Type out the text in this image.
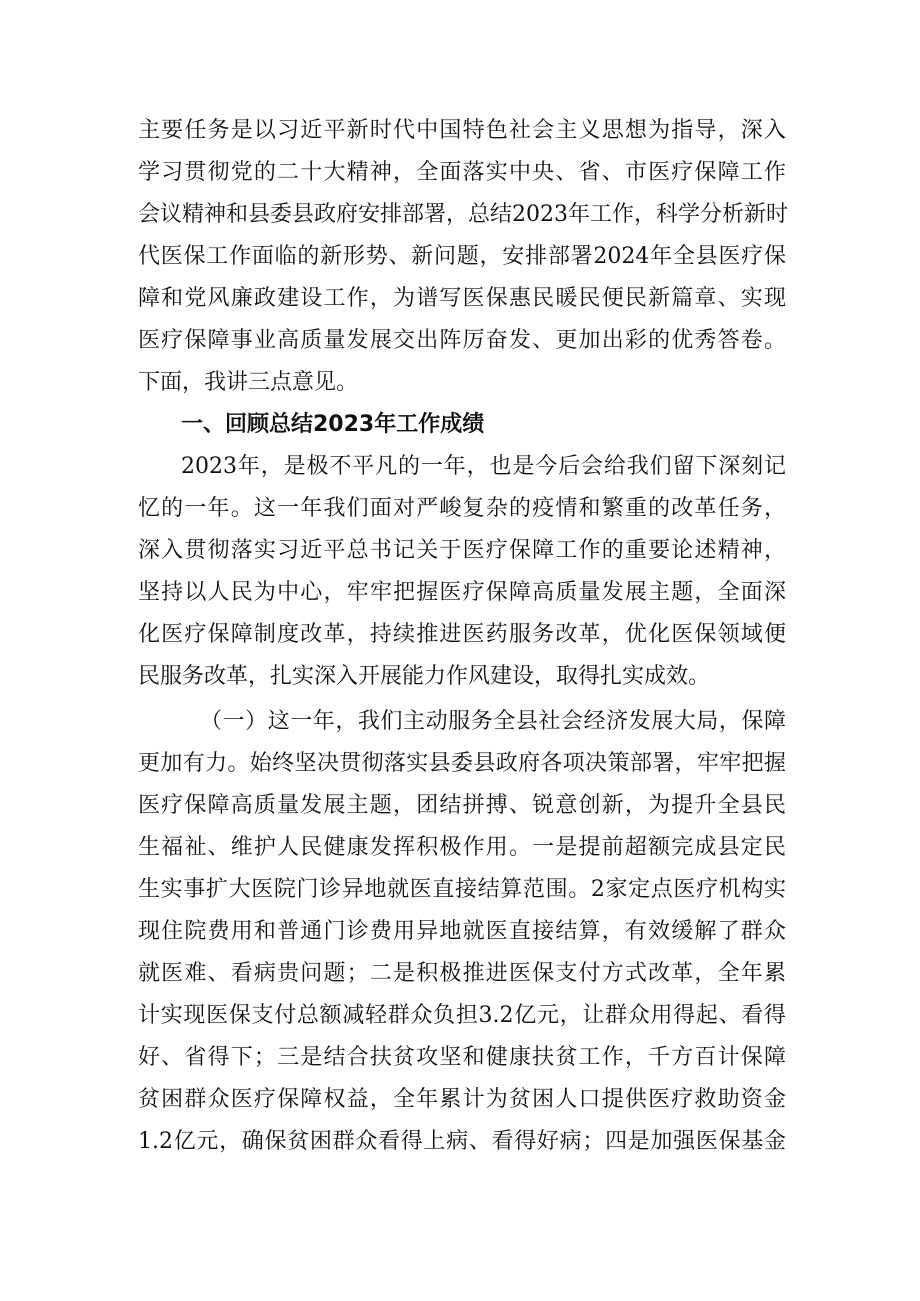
主要任务是以习近平新时代中国特色社会主义思想为指导，深入

学习贯彻党的二十大精神，全面落实中央、省、市医疗保障工作

会议精神和县委县政府安排部署，总结2023年工作，科学分析新时

代医保工作面临的新形势、新问题，安排部署2024年全县医疗保

障和党风廉政建设工作，为谱写医保惠民暖民便民新篇章、实现

医疗保障事业高质量发展交出阵厉奋发、更加出彩的优秀答卷。

下面，我讲三点意见。

一、回顾总结2023年工作成绩

2023年，是极不平凡的一年，也是今后会给我们留下深刻记

忆的一年。这一年我们面对严峻复杂的疫情和繁重的改革任务，

深入贯彻落实习近平总书记关于医疗保障工作的重要论述精神，

坚持以人民为中心，牢牢把握医疗保障高质量发展主题，全面深

化医疗保障制度改革，持续推进医药服务改革，优化医保领域便

民服务改革，扎实深入开展能力作风建设，取得扎实成效。

（一）这一年，我们主动服务全县社会经济发展大局，保障

更加有力。始终坚决贯彻落实县委县政府各项决策部署，牢牢把握

医疗保障高质量发展主题，团结拼搏、锐意创新，为提升全县民

生福祉、维护人民健康发挥积极作用。一是提前超额完成县定民

生实事扩大医院门诊异地就医直接结算范围。2家定点医疗机构实

现住院费用和普通门诊费用异地就医直接结算，有效缓解了群众

就医难、看病贵问题；二是积极推进医保支付方式改革，全年累

计实现医保支付总额减轻群众负担3.2亿元，让群众用得起、看得

好、省得下；三是结合扶贫攻坚和健康扶贫工作，千方百计保障

贫困群众医疗保障权益，全年累计为贫困人口提供医疗救助资金

1.2亿元，确保贫困群众看得上病、看得好病；四是加强医保基金
